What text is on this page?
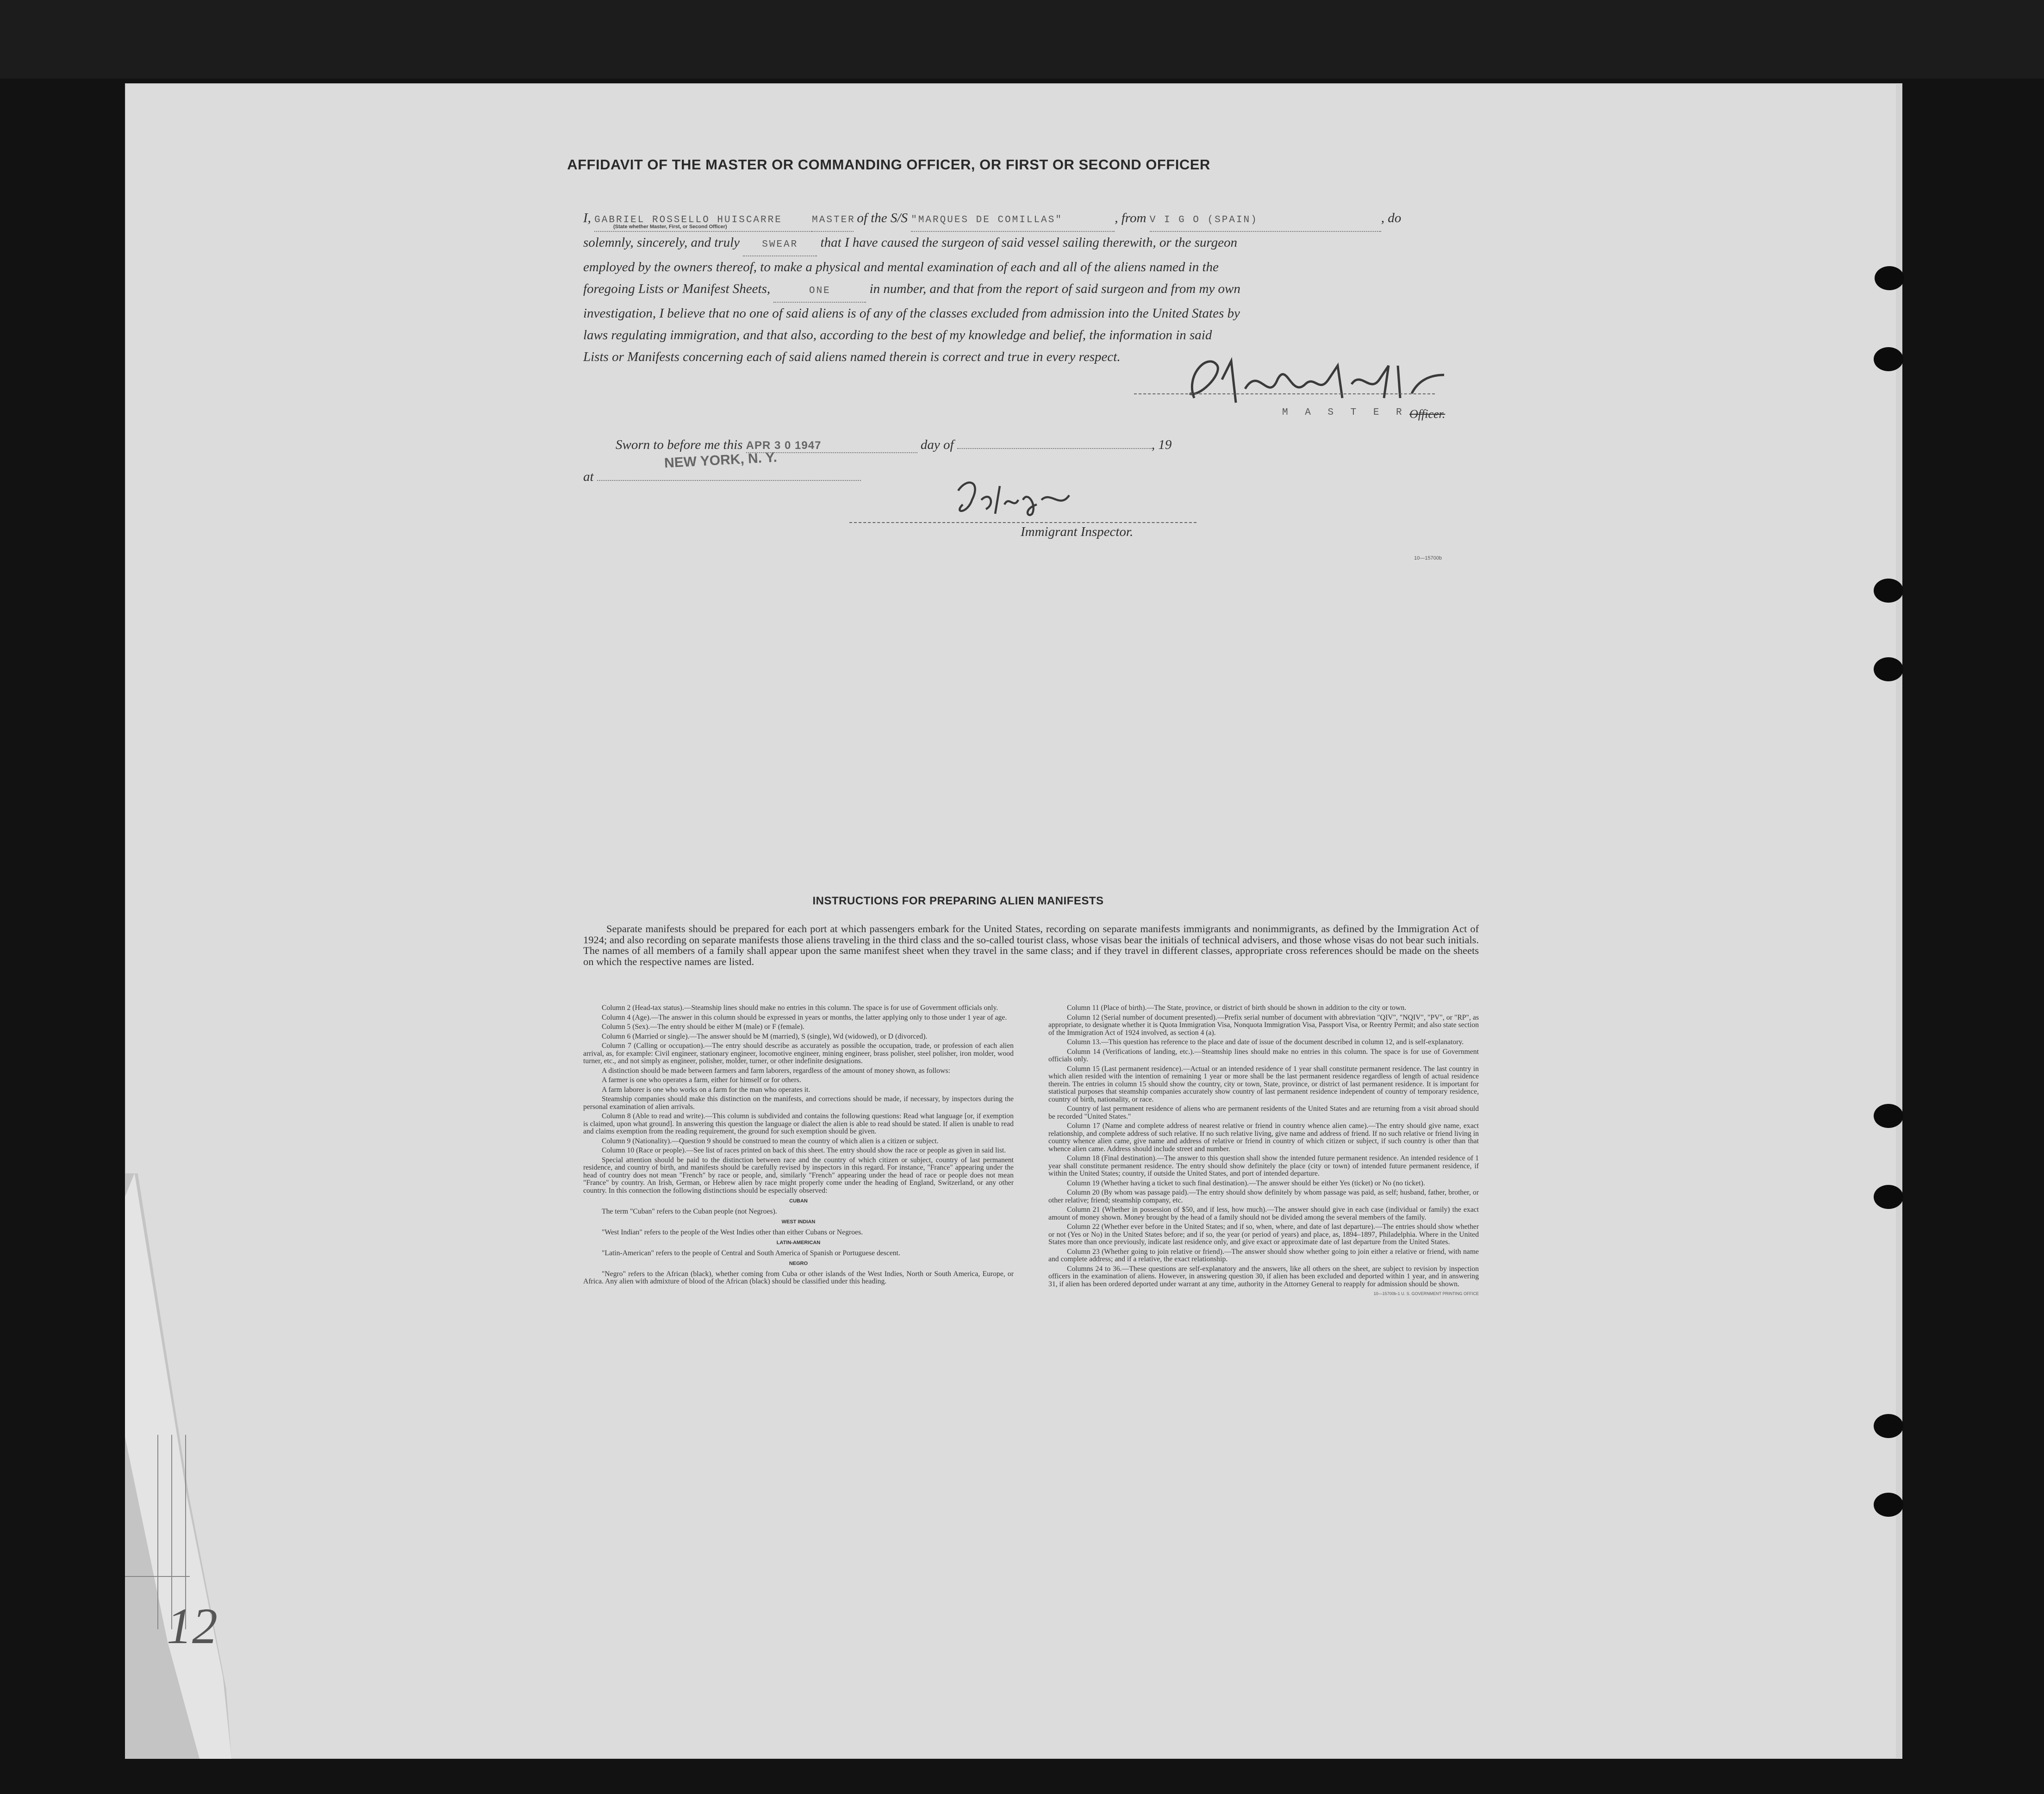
AFFIDAVIT OF THE MASTER OR COMMANDING OFFICER, OR FIRST OR SECOND OFFICER
I, GABRIEL ROSSELLO HUISCARRE	MASTER of the S/S "MARQUES DE COMILLAS"	, from V I G O (SPAIN)	, do
solemnly, sincerely, and truly SWEAR that I have caused the surgeon of said vessel sailing therewith, or the surgeon
employed by the owners thereof, to make a physical and mental examination of each and all of the aliens named in the
foregoing Lists or Manifest Sheets,	ONE	in number, and that from the report of said surgeon and from my own
investigation, I believe that no one of said aliens is of any of the classes excluded from admission into the United States by
laws regulating immigration, and that also, according to the best of my knowledge and belief, the information in said
Lists or Manifests concerning each of said aliens named therein is correct and true in every respect.
(State whether Master, First, or Second Officer)
M A S T E R Officer.
Sworn to before me this APR 3 0 1947	day of	, 19
NEW YORK, N. Y.
at
Immigrant Inspector.
10—15700b
INSTRUCTIONS FOR PREPARING ALIEN MANIFESTS
Separate manifests should be prepared for each port at which passengers embark for the United States, recording on separate manifests immigrants and nonimmigrants, as defined by the Immigration Act of 1924; and also recording on separate manifests those aliens traveling in the third class and the so-called tourist class, whose visas bear the initials of technical advisers, and those whose visas do not bear such initials. The names of all members of a family shall appear upon the same manifest sheet when they travel in the same class; and if they travel in different classes, appropriate cross references should be made on the sheets on which the respective names are listed.

Column 2 (Head-tax status).—Steamship lines should make no entries in this column. The space is for use of Government officials only.

Column 4 (Age).—The answer in this column should be expressed in years or months, the latter applying only to those under 1 year of age.

Column 5 (Sex).—The entry should be either M (male) or F (female).

Column 6 (Married or single).—The answer should be M (married), S (single), Wd (widowed), or D (divorced).

Column 7 (Calling or occupation).—The entry should describe as accurately as possible the occupation, trade, or profession of each alien arrival, as, for example: Civil engineer, stationary engineer, locomotive engineer, mining engineer, brass polisher, steel polisher, iron molder, wood turner, etc., and not simply as engineer, polisher, molder, turner, or other indefinite designations.

A distinction should be made between farmers and farm laborers, regardless of the amount of money shown, as follows:

A farmer is one who operates a farm, either for himself or for others.

A farm laborer is one who works on a farm for the man who operates it.

Steamship companies should make this distinction on the manifests, and corrections should be made, if necessary, by inspectors during the personal examination of alien arrivals.

Column 8 (Able to read and write).—This column is subdivided and contains the following questions: Read what language [or, if exemption is claimed, upon what ground]. In answering this question the language or dialect the alien is able to read should be stated. If alien is unable to read and claims exemption from the reading requirement, the ground for such exemption should be given.

Column 9 (Nationality).—Question 9 should be construed to mean the country of which alien is a citizen or subject.

Column 10 (Race or people).—See list of races printed on back of this sheet. The entry should show the race or people as given in said list.

Special attention should be paid to the distinction between race and the country of which citizen or subject, country of last permanent residence, and country of birth, and manifests should be carefully revised by inspectors in this regard. For instance, "France" appearing under the head of country does not mean "French" by race or people, and, similarly "French" appearing under the head of race or people does not mean "France" by country. An Irish, German, or Hebrew alien by race might properly come under the heading of England, Switzerland, or any other country. In this connection the following distinctions should be especially observed:

CUBAN

The term "Cuban" refers to the Cuban people (not Negroes).

WEST INDIAN

"West Indian" refers to the people of the West Indies other than either Cubans or Negroes.

LATIN-AMERICAN

"Latin-American" refers to the people of Central and South America of Spanish or Portuguese descent.

NEGRO

"Negro" refers to the African (black), whether coming from Cuba or other islands of the West Indies, North or South America, Europe, or Africa. Any alien with admixture of blood of the African (black) should be classified under this heading.

Column 11 (Place of birth).—The State, province, or district of birth should be shown in addition to the city or town.

Column 12 (Serial number of document presented).—Prefix serial number of document with abbreviation "QIV", "NQIV", "PV", or "RP", as appropriate, to designate whether it is Quota Immigration Visa, Nonquota Immigration Visa, Passport Visa, or Reentry Permit; and also state section of the Immigration Act of 1924 involved, as section 4 (a).

Column 13.—This question has reference to the place and date of issue of the document described in column 12, and is self-explanatory.

Column 14 (Verifications of landing, etc.).—Steamship lines should make no entries in this column. The space is for use of Government officials only.

Column 15 (Last permanent residence).—Actual or an intended residence of 1 year shall constitute permanent residence. The last country in which alien resided with the intention of remaining 1 year or more shall be the last permanent residence regardless of length of actual residence therein. The entries in column 15 should show the country, city or town, State, province, or district of last permanent residence. It is important for statistical purposes that steamship companies accurately show country of last permanent residence independent of country of temporary residence, country of birth, nationality, or race.

Country of last permanent residence of aliens who are permanent residents of the United States and are returning from a visit abroad should be recorded "United States."

Column 17 (Name and complete address of nearest relative or friend in country whence alien came).—The entry should give name, exact relationship, and complete address of such relative. If no such relative living, give name and address of friend. If no such relative or friend living in country whence alien came, give name and address of relative or friend in country of which citizen or subject, if such country is other than that whence alien came. Address should include street and number.

Column 18 (Final destination).—The answer to this question shall show the intended future permanent residence. An intended residence of 1 year shall constitute permanent residence. The entry should show definitely the place (city or town) of intended future permanent residence, if within the United States; country, if outside the United States, and port of intended departure.

Column 19 (Whether having a ticket to such final destination).—The answer should be either Yes (ticket) or No (no ticket).

Column 20 (By whom was passage paid).—The entry should show definitely by whom passage was paid, as self; husband, father, brother, or other relative; friend; steamship company, etc.

Column 21 (Whether in possession of $50, and if less, how much).—The answer should give in each case (individual or family) the exact amount of money shown. Money brought by the head of a family should not be divided among the several members of the family.

Column 22 (Whether ever before in the United States; and if so, when, where, and date of last departure).—The entries should show whether or not (Yes or No) in the United States before; and if so, the year (or period of years) and place, as, 1894–1897, Philadelphia. Where in the United States more than once previously, indicate last residence only, and give exact or approximate date of last departure from the United States.

Column 23 (Whether going to join relative or friend).—The answer should show whether going to join either a relative or friend, with name and complete address; and if a relative, the exact relationship.

Columns 24 to 36.—These questions are self-explanatory and the answers, like all others on the sheet, are subject to revision by inspection officers in the examination of aliens. However, in answering question 30, if alien has been excluded and deported within 1 year, and in answering 31, if alien has been ordered deported under warrant at any time, authority in the Attorney General to reapply for admission should be shown.

10—15700b-1 U. S. GOVERNMENT PRINTING OFFICE

12
